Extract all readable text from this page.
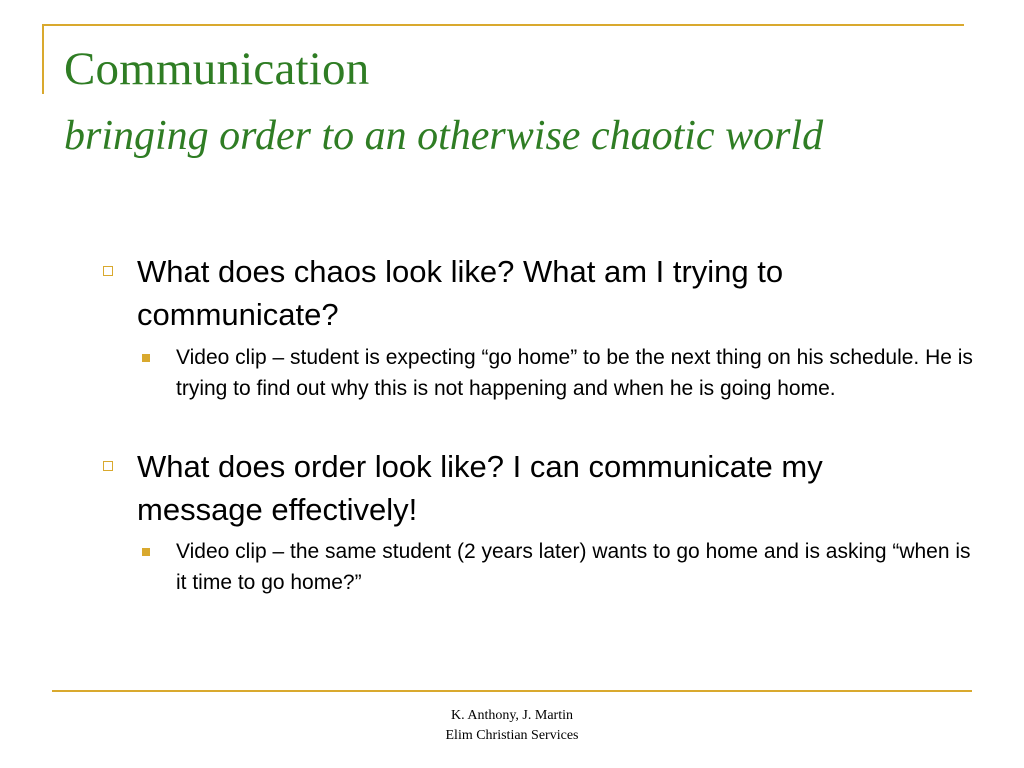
Communication
bringing order to an otherwise chaotic world
What does chaos look like? What am I trying to communicate?
Video clip – student is expecting “go home” to be the next thing on his schedule. He is trying to find out why this is not happening and when he is going home.
What does order look like? I can communicate my message effectively!
Video clip – the same student (2 years later) wants to go home and is asking “when is it time to go home?”
K. Anthony, J. Martin
Elim Christian Services
